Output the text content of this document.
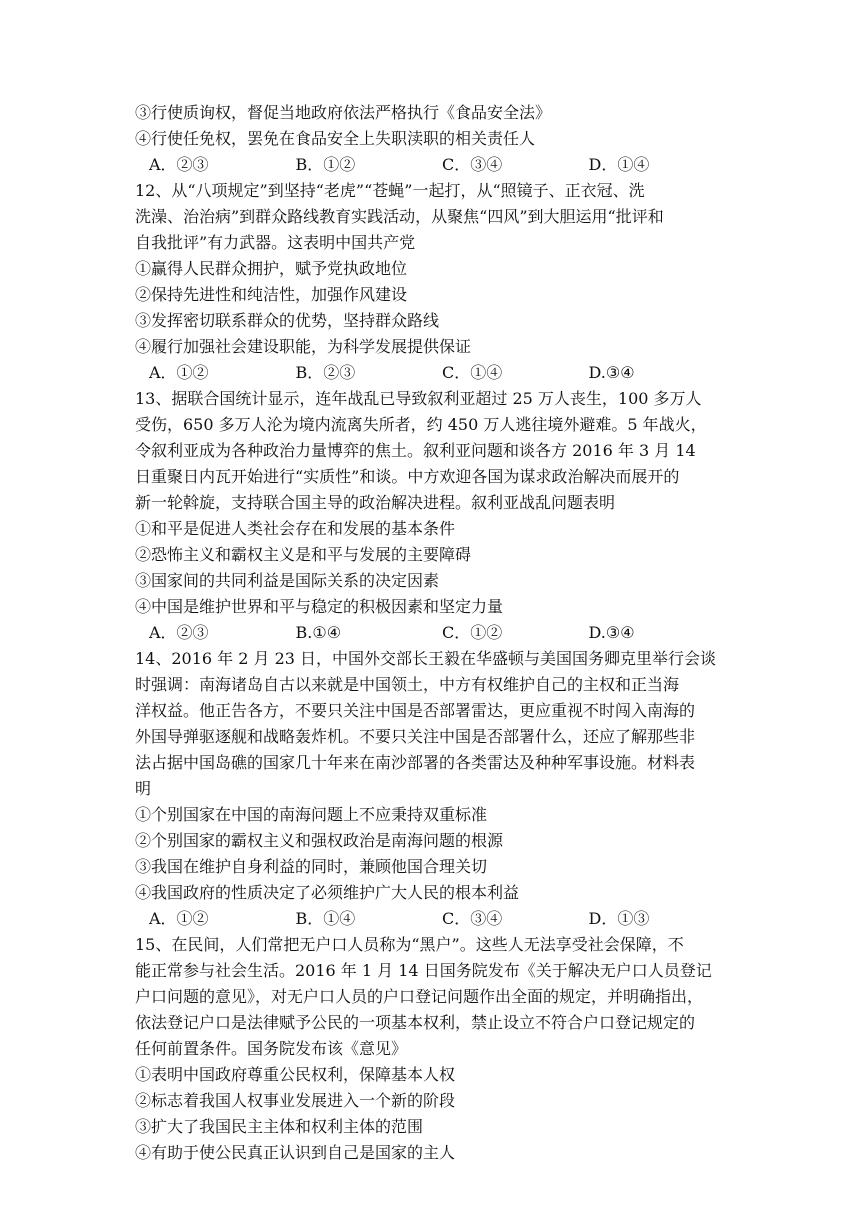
③行使质询权，督促当地政府依法严格执行《食品安全法》
④行使任免权，罢免在食品安全上失职渎职的相关责任人
A．②③	B．①②	C．③④	D．①④
12、从“八项规定”到坚持“老虎”“苍蝇”一起打，从“照镜子、正衣冠、洗
洗澡、治治病”到群众路线教育实践活动，从聚焦“四风”到大胆运用“批评和
自我批评”有力武器。这表明中国共产党
①赢得人民群众拥护，赋予党执政地位
②保持先进性和纯洁性，加强作风建设
③发挥密切联系群众的优势，坚持群众路线
④履行加强社会建设职能，为科学发展提供保证
A．①②	B．②③	C．①④	D.③④
13、据联合国统计显示，连年战乱已导致叙利亚超过 25 万人丧生，100 多万人
受伤，650 多万人沦为境内流离失所者，约 450 万人逃往境外避难。5 年战火，
令叙利亚成为各种政治力量博弈的焦土。叙利亚问题和谈各方 2016 年 3 月 14
日重聚日内瓦开始进行“实质性”和谈。中方欢迎各国为谋求政治解决而展开的
新一轮斡旋，支持联合国主导的政治解决进程。叙利亚战乱问题表明
①和平是促进人类社会存在和发展的基本条件
②恐怖主义和霸权主义是和平与发展的主要障碍
③国家间的共同利益是国际关系的决定因素
④中国是维护世界和平与稳定的积极因素和坚定力量
A．②③	B.①④	C．①②	D.③④
14、2016 年 2 月 23 日，中国外交部长王毅在华盛顿与美国国务卿克里举行会谈
时强调：南海诸岛自古以来就是中国领土，中方有权维护自己的主权和正当海
洋权益。他正告各方，不要只关注中国是否部署雷达，更应重视不时闯入南海的
外国导弹驱逐舰和战略轰炸机。不要只关注中国是否部署什么，还应了解那些非
法占据中国岛礁的国家几十年来在南沙部署的各类雷达及种种军事设施。材料表
明
①个别国家在中国的南海问题上不应秉持双重标准
②个别国家的霸权主义和强权政治是南海问题的根源
③我国在维护自身利益的同时，兼顾他国合理关切
④我国政府的性质决定了必须维护广大人民的根本利益
A．①②	B．①④	C．③④	D．①③
15、在民间，人们常把无户口人员称为“黑户”。这些人无法享受社会保障，不
能正常参与社会生活。2016 年 1 月 14 日国务院发布《关于解决无户口人员登记
户口问题的意见》，对无户口人员的户口登记问题作出全面的规定，并明确指出，
依法登记户口是法律赋予公民的一项基本权利，禁止设立不符合户口登记规定的
任何前置条件。国务院发布该《意见》
①表明中国政府尊重公民权利，保障基本人权
②标志着我国人权事业发展进入一个新的阶段
③扩大了我国民主主体和权利主体的范围
④有助于使公民真正认识到自己是国家的主人
